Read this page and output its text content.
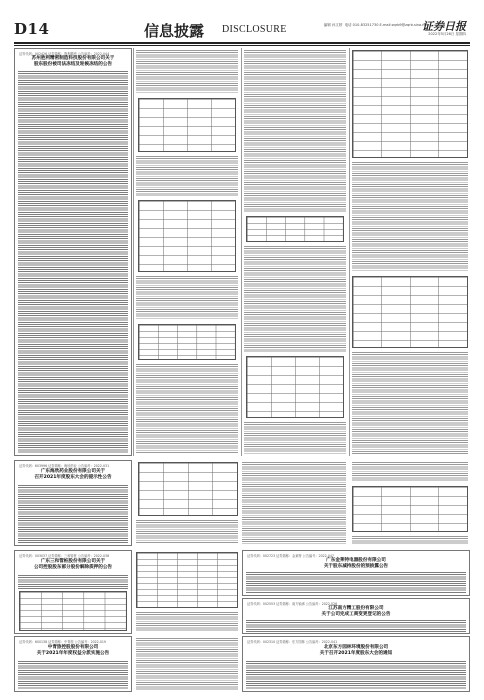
D14	信息披露 DISCLOSURE	编辑 孙文婷 电话 010-83251730 E-mail:zqrb9@zqrb.sina.net
2022年5月26日 星期四
证券日报
证券代码：002426 证券简称：胜利精密 公告编号：2022-044
苏州胜利精密制造科技股份有限公司关于
股东股份被司法冻结及轮候冻结的公告
证券代码：603996 证券简称：海欣药业 公告编号：2022-031
广东海欣药业股份有限公司关于
召开2021年度股东大会的提示性公告
证券代码：003037 证券简称：三和管桩 公告编号：2022-038
广东三和管桩股份有限公司关于
公司控股股东部分股份解除质押的公告
证券代码：002723 证券简称：金莱特 公告编号：2022-047
广东金莱特电器股份有限公司
关于股东减持股份的预披露公告
证券代码：002553 证券简称：南方轴承 公告编号：2022-026
江苏南方精工股份有限公司
关于公司完成工商变更登记的公告
证券代码：600138 证券简称：中青旅 公告编号：2022-019
中青旅控股股份有限公司
关于2021年年度权益分派实施公告
证券代码：002310 证券简称：东方园林 公告编号：2022-041
北京东方园林环境股份有限公司
关于召开2021年度股东大会的通知
